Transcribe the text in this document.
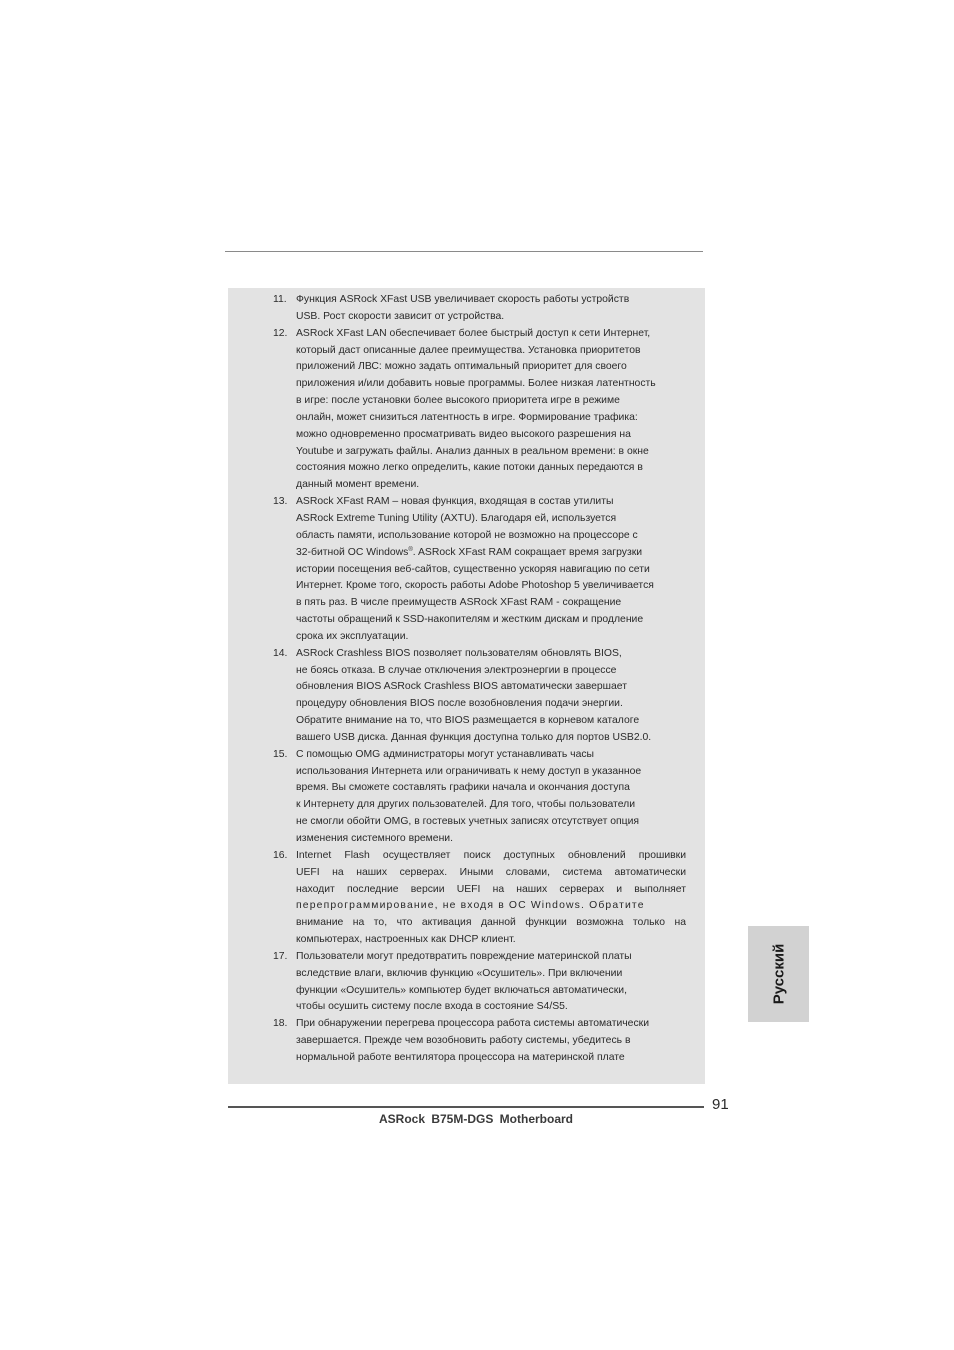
11. Функция ASRock XFast USB увеличивает скорость работы устройств
USB. Рост скорости зависит от устройства.
12. ASRock XFast LAN обеспечивает более быстрый доступ к сети Интернет,
который даст описанные далее преимущества. Установка приоритетов
приложений ЛВС: можно задать оптимальный приоритет для своего
приложения и/или добавить новые программы. Более низкая латентность
в игре: после установки более высокого приоритета игре в режиме
онлайн, может снизиться латентность в игре. Формирование трафика:
можно одновременно просматривать видео высокого разрешения на
Youtube и загружать файлы. Анализ данных в реальном времени: в окне
состояния можно легко определить, какие потоки данных передаются в
данный момент времени.
13. ASRock XFast RAM – новая функция, входящая в состав утилиты
ASRock Extreme Tuning Utility (AXTU). Благодаря ей, используется
область памяти, использование которой не возможно на процессоре с
32-битной ОС Windows®. ASRock XFast RAM сокращает время загрузки
истории посещения веб-сайтов, существенно ускоряя навигацию по сети
Интернет. Кроме того, скорость работы Adobe Photoshop 5 увеличивается
в пять раз. В числе преимуществ ASRock XFast RAM - сокращение
частоты обращений к SSD-накопителям и жестким дискам и продление
срока их эксплуатации.
14. ASRock Crashless BIOS позволяет пользователям обновлять BIOS,
не боясь отказа. В случае отключения электроэнергии в процессе
обновления BIOS ASRock Crashless BIOS автоматически завершает
процедуру обновления BIOS после возобновления подачи энергии.
Обратите внимание на то, что BIOS размещается в корневом каталоге
вашего USB диска. Данная функция доступна только для портов USB2.0.
15. С помощью OMG администраторы могут устанавливать часы
использования Интернета или ограничивать к нему доступ в указанное
время. Вы сможете составлять графики начала и окончания доступа
к Интернету для других пользователей. Для того, чтобы пользователи
не смогли обойти OMG, в гостевых учетных записях отсутствует опция
изменения системного времени.
16. Internet Flash осуществляет поиск доступных обновлений прошивки
UEFI на наших серверах. Иными словами, система автоматически
находит последние версии UEFI на наших серверах и выполняет
перепрограммирование, не входя в ОС Windows. Обратите
внимание на то, что активация данной функции возможна только на
компьютерах, настроенных как DHCP клиент.
17. Пользователи могут предотвратить повреждение материнской платы
вследствие влаги, включив функцию «Осушитель». При включении
функции «Осушитель» компьютер будет включаться автоматически,
чтобы осушить систему после входа в состояние S4/S5.
18. При обнаружении перегрева процессора работа системы автоматически
завершается. Прежде чем возобновить работу системы, убедитесь в
нормальной работе вентилятора процессора на материнской плате
Русский
91
ASRock B75M-DGS Motherboard
